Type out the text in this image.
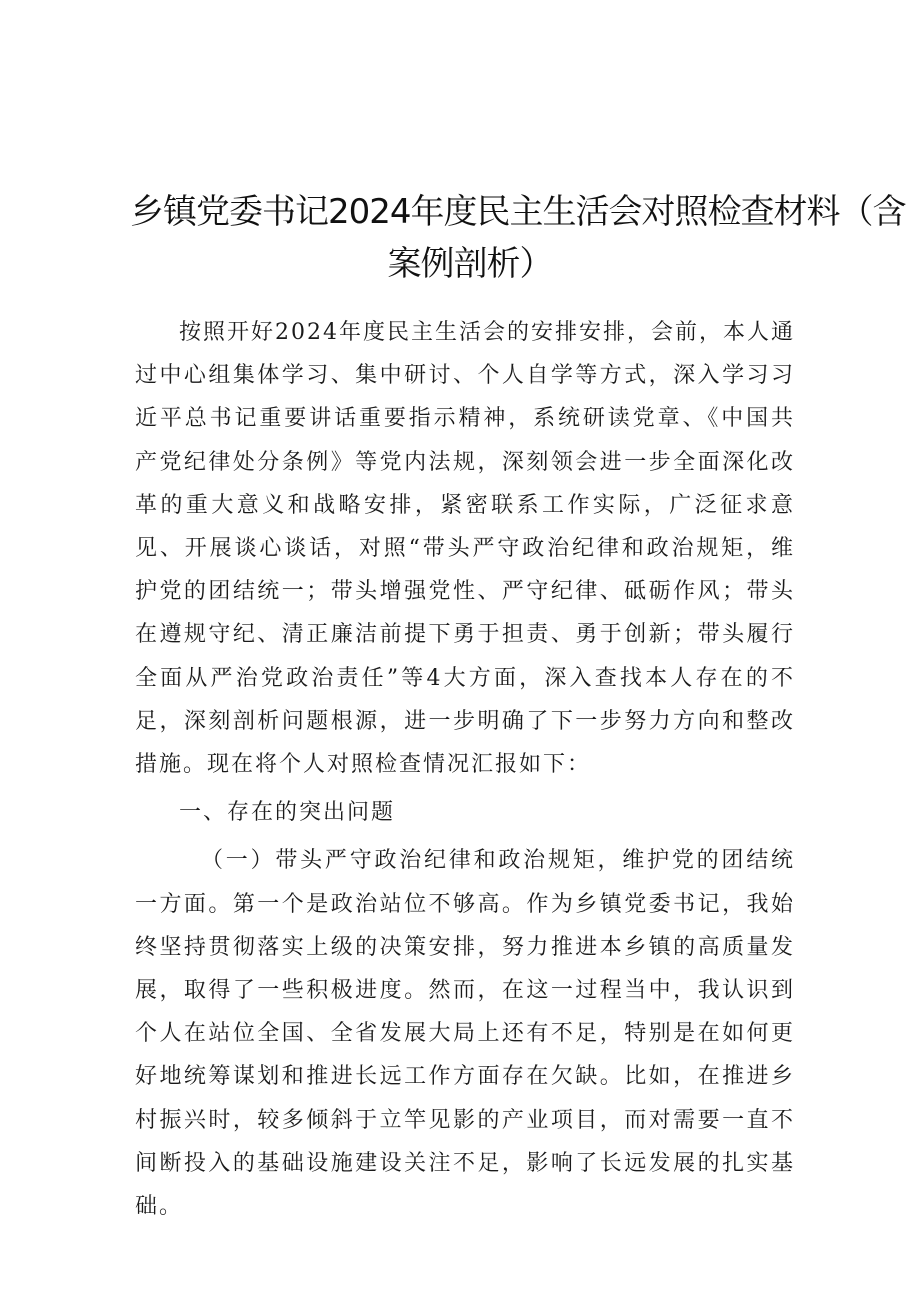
乡镇党委书记2024年度民主生活会对照检查材料（含
案例剖析）

按照开好2024年度民主生活会的安排安排，会前，本人通过中心组集体学习、集中研讨、个人自学等方式，深入学习习近平总书记重要讲话重要指示精神，系统研读党章、《中国共产党纪律处分条例》等党内法规，深刻领会进一步全面深化改革的重大意义和战略安排，紧密联系工作实际，广泛征求意见、开展谈心谈话，对照“带头严守政治纪律和政治规矩，维护党的团结统一；带头增强党性、严守纪律、砥砺作风；带头在遵规守纪、清正廉洁前提下勇于担责、勇于创新；带头履行全面从严治党政治责任”等4大方面，深入查找本人存在的不足，深刻剖析问题根源，进一步明确了下一步努力方向和整改措施。现在将个人对照检查情况汇报如下：

一、存在的突出问题

（一）带头严守政治纪律和政治规矩，维护党的团结统一方面。第一个是政治站位不够高。作为乡镇党委书记，我始终坚持贯彻落实上级的决策安排，努力推进本乡镇的高质量发展，取得了一些积极进度。然而，在这一过程当中，我认识到个人在站位全国、全省发展大局上还有不足，特别是在如何更好地统筹谋划和推进长远工作方面存在欠缺。比如，在推进乡村振兴时，较多倾斜于立竿见影的产业项目，而对需要一直不间断投入的基础设施建设关注不足，影响了长远发展的扎实基础。
